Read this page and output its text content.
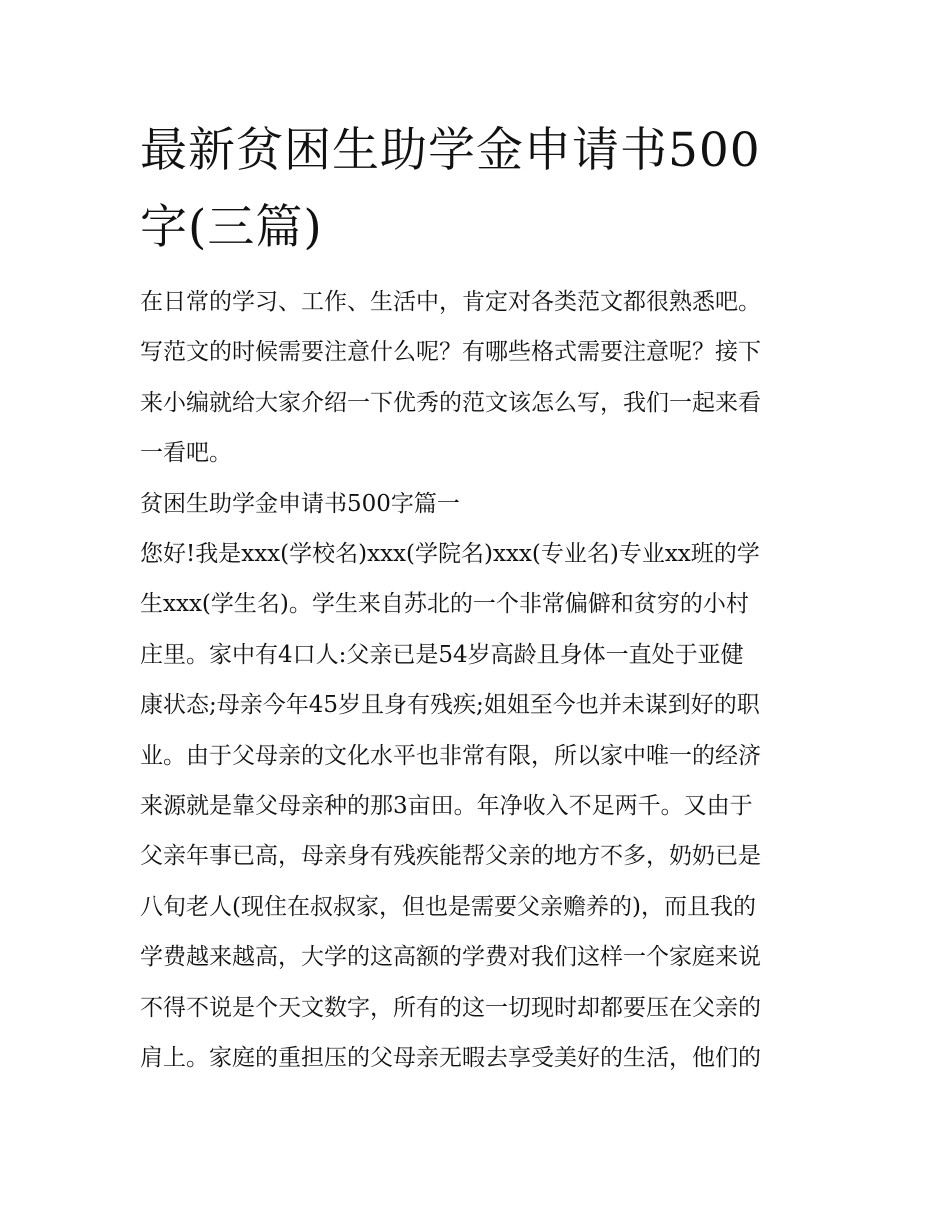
最新贫困生助学金申请书500
字(三篇)
在日常的学习、工作、生活中，肯定对各类范文都很熟悉吧。
写范文的时候需要注意什么呢？有哪些格式需要注意呢？接下
来小编就给大家介绍一下优秀的范文该怎么写，我们一起来看
一看吧。
贫困生助学金申请书500字篇一
您好!我是xxx(学校名)xxx(学院名)xxx(专业名)专业xx班的学
生xxx(学生名)。学生来自苏北的一个非常偏僻和贫穷的小村
庄里。家中有4口人:父亲已是54岁高龄且身体一直处于亚健
康状态;母亲今年45岁且身有残疾;姐姐至今也并未谋到好的职
业。由于父母亲的文化水平也非常有限，所以家中唯一的经济
来源就是靠父母亲种的那3亩田。年净收入不足两千。又由于
父亲年事已高，母亲身有残疾能帮父亲的地方不多，奶奶已是
八旬老人(现住在叔叔家，但也是需要父亲赡养的)，而且我的
学费越来越高，大学的这高额的学费对我们这样一个家庭来说
不得不说是个天文数字，所有的这一切现时却都要压在父亲的
肩上。家庭的重担压的父母亲无暇去享受美好的生活，他们的
